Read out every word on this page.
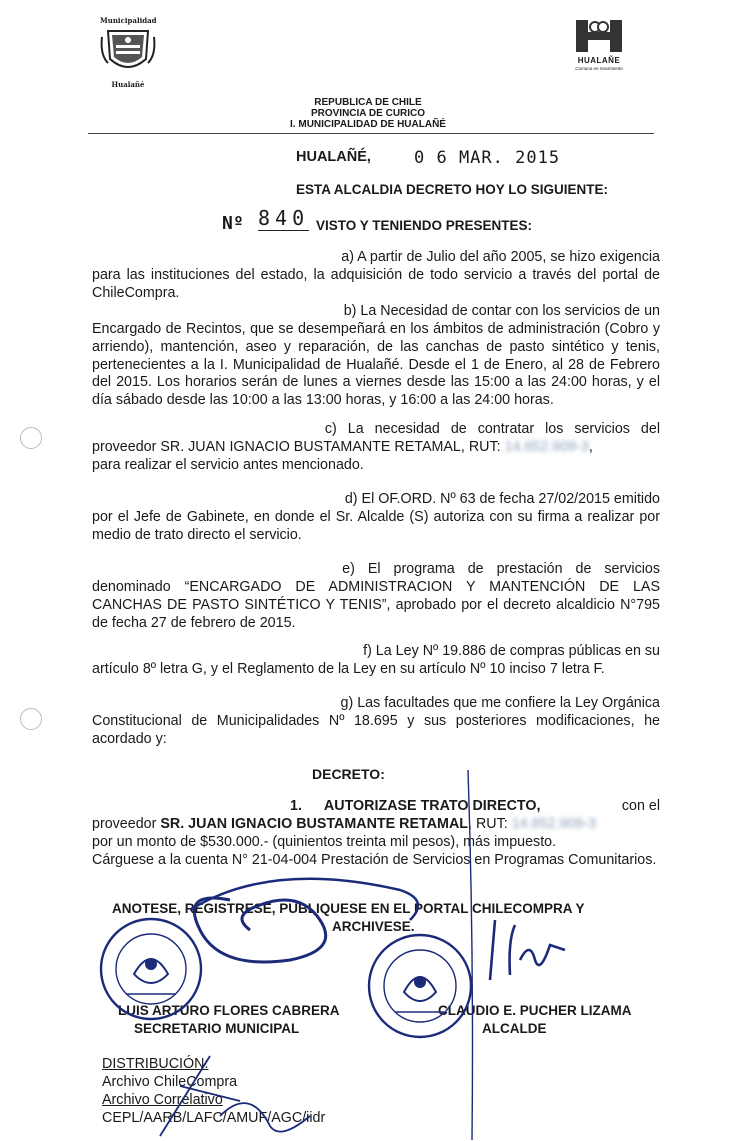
Municipalidad
Hualañé
HUALAÑE
Comuna en movimiento
REPUBLICA DE CHILE
PROVINCIA DE CURICO
I. MUNICIPALIDAD DE HUALAÑÉ
HUALAÑÉ,	0 6 MAR. 2015
ESTA ALCALDIA DECRETO HOY LO SIGUIENTE:
Nº 840 VISTO Y TENIENDO PRESENTES:
a) A partir de Julio del año 2005, se hizo exigencia
para las instituciones del estado, la adquisición de todo servicio a través del portal de ChileCompra.
b) La Necesidad de contar con los servicios de un
Encargado de Recintos, que se desempeñará en los ámbitos de administración (Cobro y arriendo), mantención, aseo y reparación, de las canchas de pasto sintético y tenis, pertenecientes a la I. Municipalidad de Hualañé. Desde el 1 de Enero, al 28 de Febrero del 2015. Los horarios serán de lunes a viernes desde las 15:00 a las 24:00 horas, y el día sábado desde las 10:00 a las 13:00 horas, y 16:00 a las 24:00 horas.
c) La necesidad de contratar los servicios del
proveedor SR. JUAN IGNACIO BUSTAMANTE RETAMAL, RUT: 14.652.909-3,
para realizar el servicio antes mencionado.
d) El OF.ORD. Nº 63 de fecha 27/02/2015 emitido
por el Jefe de Gabinete, en donde el Sr. Alcalde (S) autoriza con su firma a realizar por medio de trato directo el servicio.
e) El programa de prestación de servicios
denominado “ENCARGADO DE ADMINISTRACION Y MANTENCIÓN DE LAS CANCHAS DE PASTO SINTÉTICO Y TENIS”, aprobado por el decreto alcaldicio N°795 de fecha 27 de febrero de 2015.
f) La Ley Nº 19.886 de compras públicas en su
artículo 8º letra G, y el Reglamento de la Ley en su artículo Nº 10 inciso 7 letra F.
g) Las facultades que me confiere la Ley Orgánica
Constitucional de Municipalidades Nº 18.695 y sus posteriores modificaciones, he acordado y:
DECRETO:
1. AUTORIZASE TRATO DIRECTO,	con el
proveedor SR. JUAN IGNACIO BUSTAMANTE RETAMAL, RUT: 14.652.909-3
por un monto de $530.000.- (quinientos treinta mil pesos), más impuesto.
Cárguese a la cuenta N° 21-04-004 Prestación de Servicios en Programas Comunitarios.
ANOTESE, REGISTRESE, PUBLIQUESE EN EL PORTAL CHILECOMPRA Y
ARCHIVESE.
LUIS ARTURO FLORES CABRERA
SECRETARIO MUNICIPAL
CLAUDIO E. PUCHER LIZAMA
ALCALDE
DISTRIBUCIÓN:
Archivo ChileCompra
Archivo Correlativo
CEPL/AARB/LAFC/AMUF/AGC/iidr
